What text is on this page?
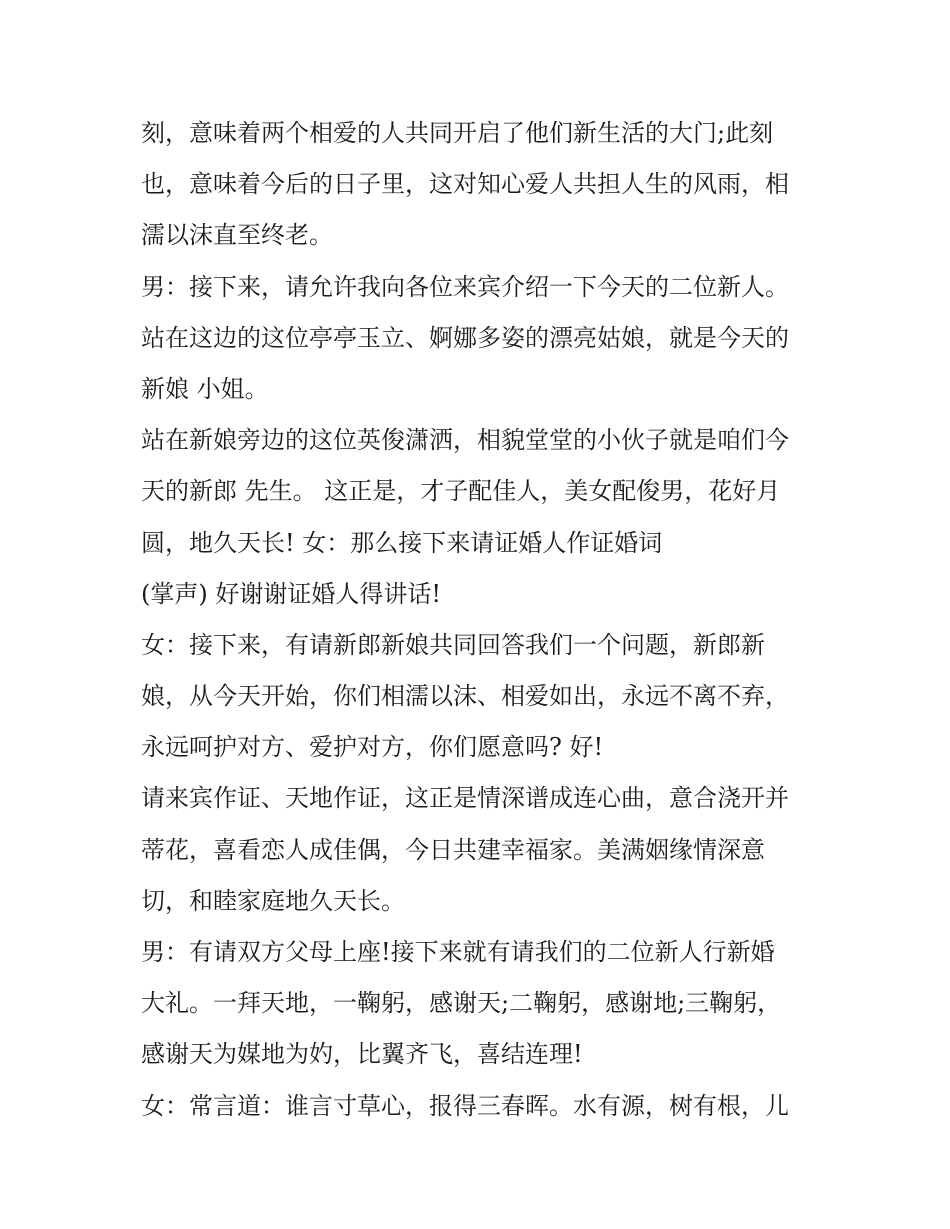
刻，意味着两个相爱的人共同开启了他们新生活的大门;此刻
也，意味着今后的日子里，这对知心爱人共担人生的风雨，相
濡以沫直至终老。
男：接下来，请允许我向各位来宾介绍一下今天的二位新人。
站在这边的这位亭亭玉立、婀娜多姿的漂亮姑娘，就是今天的
新娘 小姐。
站在新娘旁边的这位英俊潇洒，相貌堂堂的小伙子就是咱们今
天的新郎 先生。 这正是，才子配佳人，美女配俊男，花好月
圆，地久天长! 女：那么接下来请证婚人作证婚词
(掌声) 好谢谢证婚人得讲话!
女：接下来，有请新郎新娘共同回答我们一个问题，新郎新
娘，从今天开始，你们相濡以沫、相爱如出，永远不离不弃，
永远呵护对方、爱护对方，你们愿意吗? 好!
请来宾作证、天地作证，这正是情深谱成连心曲，意合浇开并
蒂花，喜看恋人成佳偶，今日共建幸福家。美满姻缘情深意
切，和睦家庭地久天长。
男：有请双方父母上座!接下来就有请我们的二位新人行新婚
大礼。一拜天地，一鞠躬，感谢天;二鞠躬，感谢地;三鞠躬，
感谢天为媒地为妁，比翼齐飞，喜结连理!
女：常言道：谁言寸草心，报得三春晖。水有源，树有根，儿
